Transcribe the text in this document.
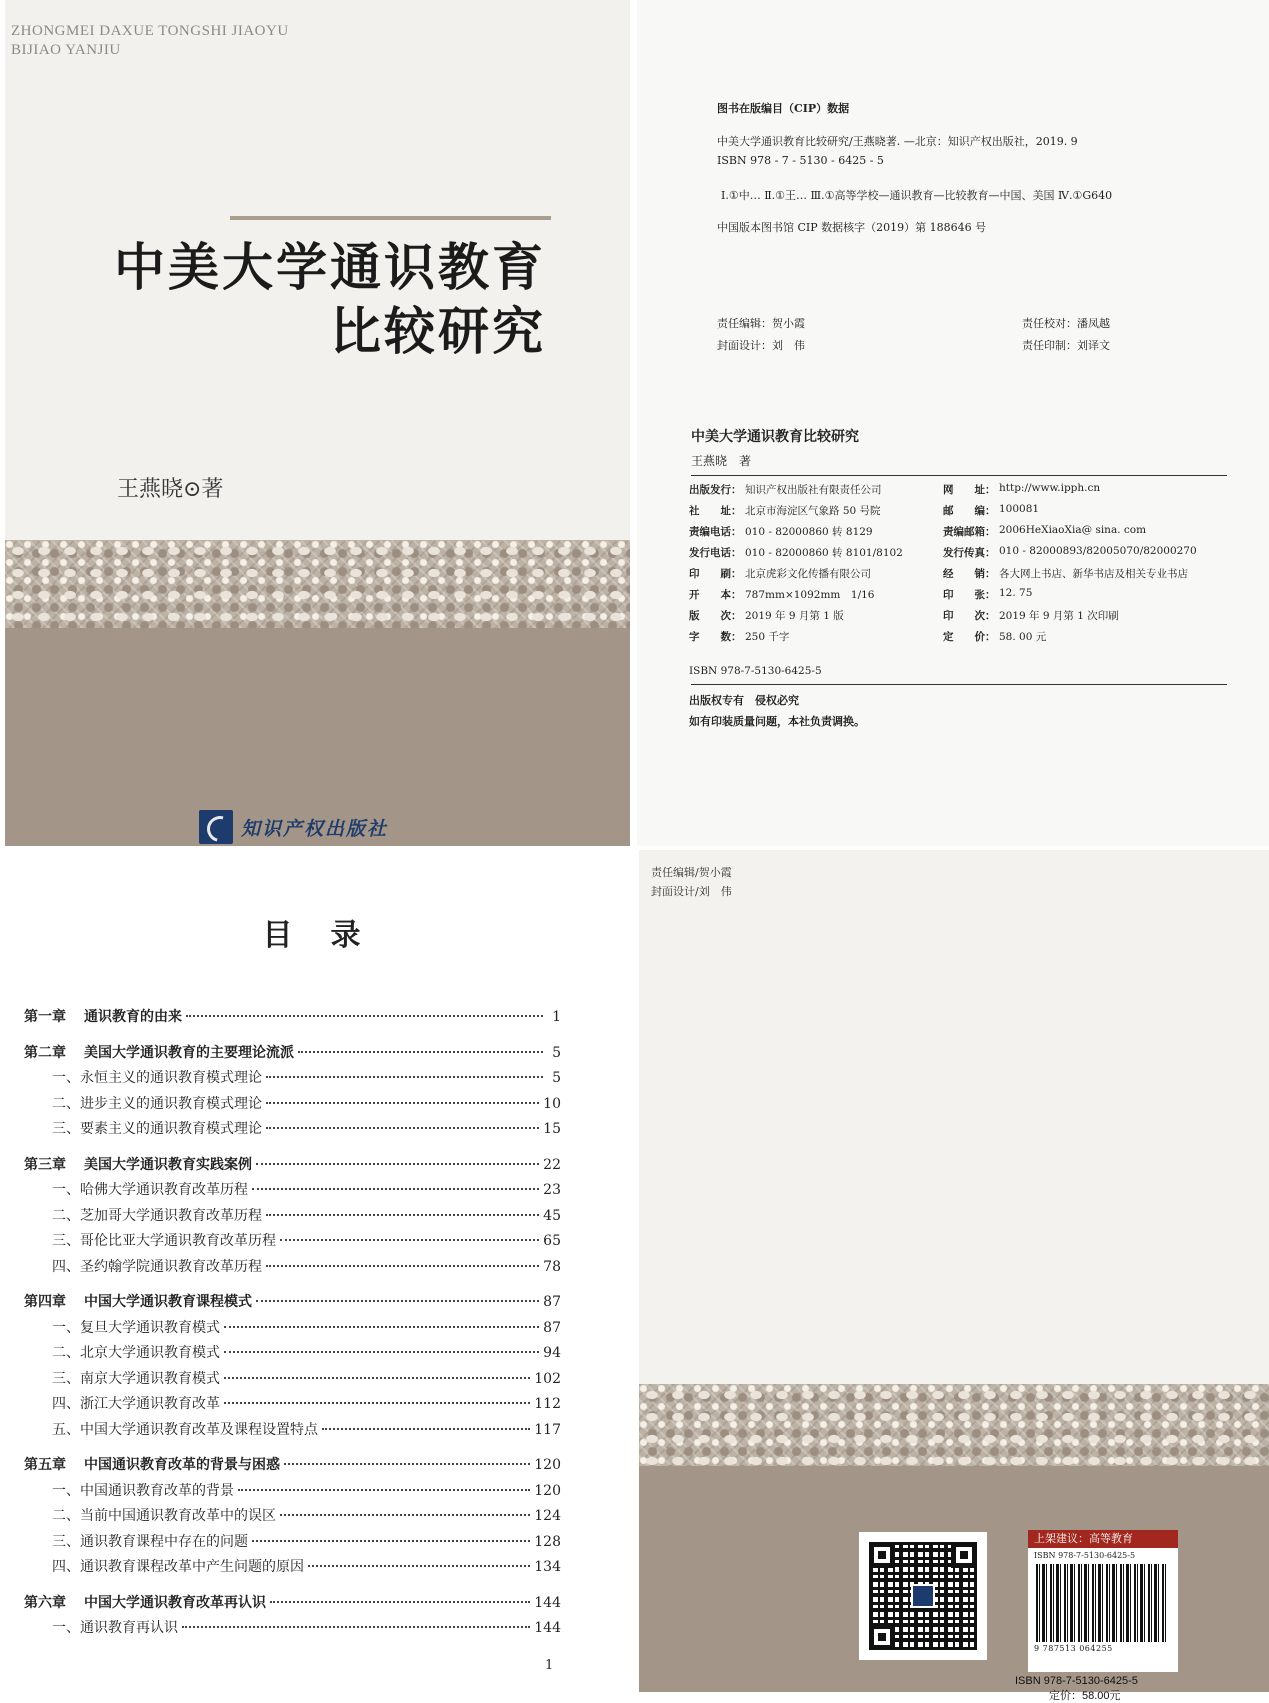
ZHONGMEI DAXUE TONGSHI JIAOYU
BIJIAO YANJIU
中美大学通识教育
比较研究
王燕晓⊙著
知识产权出版社
图书在版编目（CIP）数据
中美大学通识教育比较研究/王燕晓著. —北京：知识产权出版社，2019. 9
ISBN 978 - 7 - 5130 - 6425 - 5
Ⅰ.①中… Ⅱ.①王… Ⅲ.①高等学校—通识教育—比较教育—中国、美国 Ⅳ.①G640
中国版本图书馆 CIP 数据核字（2019）第 188646 号
责任编辑：贺小霞	责任校对：潘凤越
封面设计：刘　伟	责任印制：刘译文
中美大学通识教育比较研究
王燕晓　著
出版发行： 知识产权出版社有限责任公司	网　　址： http://www.ipph.cn
社　　址： 北京市海淀区气象路 50 号院	邮　　编： 100081
责编电话： 010 - 82000860 转 8129	责编邮箱： 2006HeXiaoXia@ sina. com
发行电话： 010 - 82000860 转 8101/8102	发行传真： 010 - 82000893/82005070/82000270
印　　刷： 北京虎彩文化传播有限公司	经　　销： 各大网上书店、新华书店及相关专业书店
开　　本： 787mm×1092mm　1/16	印　　张： 12. 75
版　　次： 2019 年 9 月第 1 版	印　　次： 2019 年 9 月第 1 次印刷
字　　数： 250 千字	定　　价： 58. 00 元
ISBN 978-7-5130-6425-5
出版权专有　侵权必究
如有印装质量问题，本社负责调换。
目录
第一章 通识教育的由来	1
第二章 美国大学通识教育的主要理论流派	5
一、永恒主义的通识教育模式理论	5
二、进步主义的通识教育模式理论	10
三、要素主义的通识教育模式理论	15
第三章 美国大学通识教育实践案例	22
一、哈佛大学通识教育改革历程	23
二、芝加哥大学通识教育改革历程	45
三、哥伦比亚大学通识教育改革历程	65
四、圣约翰学院通识教育改革历程	78
第四章 中国大学通识教育课程模式	87
一、复旦大学通识教育模式	87
二、北京大学通识教育模式	94
三、南京大学通识教育模式	102
四、浙江大学通识教育改革	112
五、中国大学通识教育改革及课程设置特点	117
第五章 中国通识教育改革的背景与困惑	120
一、中国通识教育改革的背景	120
二、当前中国通识教育改革中的误区	124
三、通识教育课程中存在的问题	128
四、通识教育课程改革中产生问题的原因	134
第六章 中国大学通识教育改革再认识	144
一、通识教育再认识	144
1
责任编辑/贺小霞
封面设计/刘　伟
上架建议：高等教育
ISBN 978-7-5130-6425-5
9 787513 064255
ISBN 978-7-5130-6425-5
定价：58.00元
